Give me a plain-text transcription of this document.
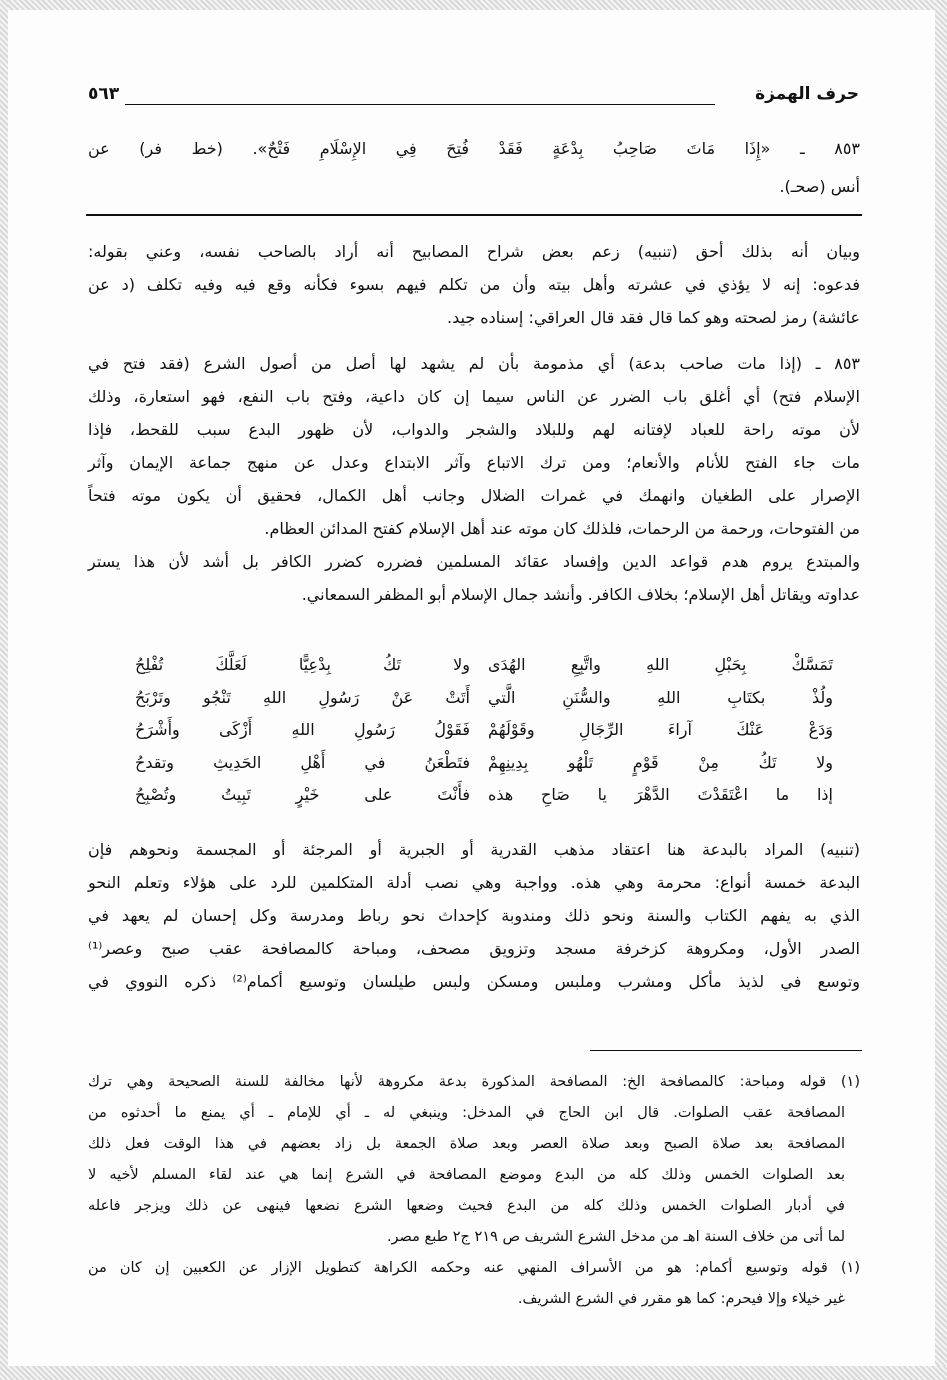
حرف الهمزة
٥٦٣
٨٥٣ ـ «إِذَا مَاتَ صَاحِبُ بِدْعَةٍ فَقَدْ فُتِحَ فِي الإِسْلَامِ فَتْحٌ». (خط فر) عن
أنس (صحـ).
وبيان أنه بذلك أحق (تنبيه) زعم بعض شراح المصابيح أنه أراد بالصاحب نفسه، وعني بقوله:
فدعوه: إنه لا يؤذي في عشرته وأهل بيته وأن من تكلم فيهم بسوء فكأنه وقع فيه وفيه تكلف (د عن
عائشة) رمز لصحته وهو كما قال فقد قال العراقي: إسناده جيد.
٨٥٣ ـ (إذا مات صاحب بدعة) أي مذمومة بأن لم يشهد لها أصل من أصول الشرع (فقد فتح في
الإسلام فتح) أي أغلق باب الضرر عن الناس سيما إن كان داعية، وفتح باب النفع، فهو استعارة، وذلك
لأن موته راحة للعباد لإفتانه لهم وللبلاد والشجر والدواب، لأن ظهور البدع سبب للقحط، فإذا
مات جاء الفتح للأنام والأنعام؛ ومن ترك الاتباع وآثر الابتداع وعدل عن منهج جماعة الإيمان وآثر
الإصرار على الطغيان وانهمك في غمرات الضلال وجانب أهل الكمال، فحقيق أن يكون موته فتحاً
من الفتوحات، ورحمة من الرحمات، فلذلك كان موته عند أهل الإسلام كفتح المدائن العظام.
والمبتدع يروم هدم قواعد الدين وإفساد عقائد المسلمين فضرره كضرر الكافر بل أشد لأن هذا يستر
عداوته ويقاتل أهل الإسلام؛ بخلاف الكافر. وأنشد جمال الإسلام أبو المظفر السمعاني.
تَمَسَّكْ بِحَبْلِ اللهِ واتَّبِعِ الهُدَى
ولا تَكُ بِدْعِيًّا لَعَلَّكَ تُفْلِحُ
ولُذْ بكتَابِ اللهِ والسُّنَنِ الَّتي
أَتَتْ عَنْ رَسُولِ اللهِ تَنْجُو وتَرْبَحُ
وَدَعْ عَنْكَ آراءَ الرِّجَالِ وقَوْلَهُمْ
فَقَوْلُ رَسُولِ اللهِ أَزْكَى وأَشْرَحُ
ولا تَكُ مِنْ قَوْمٍ تَلْهُو بِدِينِهِمْ
فتَطْعَنُ في أَهْلِ الحَدِيثِ وتقدحُ
إذا ما اعْتَقَدْتَ الدَّهْرَ يا صَاحِ هذه
فأَنْتَ على خَيْرٍ تَبِيتُ وتُصْبِحُ
(تنبيه) المراد بالبدعة هنا اعتقاد مذهب القدرية أو الجبرية أو المرجئة أو المجسمة ونحوهم فإن
البدعة خمسة أنواع: محرمة وهي هذه. وواجبة وهي نصب أدلة المتكلمين للرد على هؤلاء وتعلم النحو
الذي به يفهم الكتاب والسنة ونحو ذلك ومندوبة كإحداث نحو رباط ومدرسة وكل إحسان لم يعهد في
الصدر الأول، ومكروهة كزخرفة مسجد وتزويق مصحف، ومباحة كالمصافحة عقب صبح وعصر⁽¹⁾
وتوسع في لذيذ مأكل ومشرب وملبس ومسكن ولبس طيلسان وتوسيع أكمام⁽²⁾ ذكره النووي في
(١) قوله ومباحة: كالمصافحة الخ: المصافحة المذكورة بدعة مكروهة لأنها مخالفة للسنة الصحيحة وهي ترك
المصافحة عقب الصلوات. قال ابن الحاج في المدخل: وينبغي له ـ أي للإمام ـ أي يمنع ما أحدثوه من
المصافحة بعد صلاة الصبح وبعد صلاة العصر وبعد صلاة الجمعة بل زاد بعضهم في هذا الوقت فعل ذلك
بعد الصلوات الخمس وذلك كله من البدع وموضع المصافحة في الشرع إنما هي عند لقاء المسلم لأخيه لا
في أدبار الصلوات الخمس وذلك كله من البدع فحيث وضعها الشرع نضعها فينهى عن ذلك ويزجر فاعله
لما أتى من خلاف السنة اهـ من مدخل الشرع الشريف ص ٢١٩ ج٢ طبع مصر.
(١) قوله وتوسيع أكمام: هو من الأسراف المنهي عنه وحكمه الكراهة كتطويل الإزار عن الكعبين إن كان من
غير خيلاء وإلا فيحرم: كما هو مقرر في الشرع الشريف.
